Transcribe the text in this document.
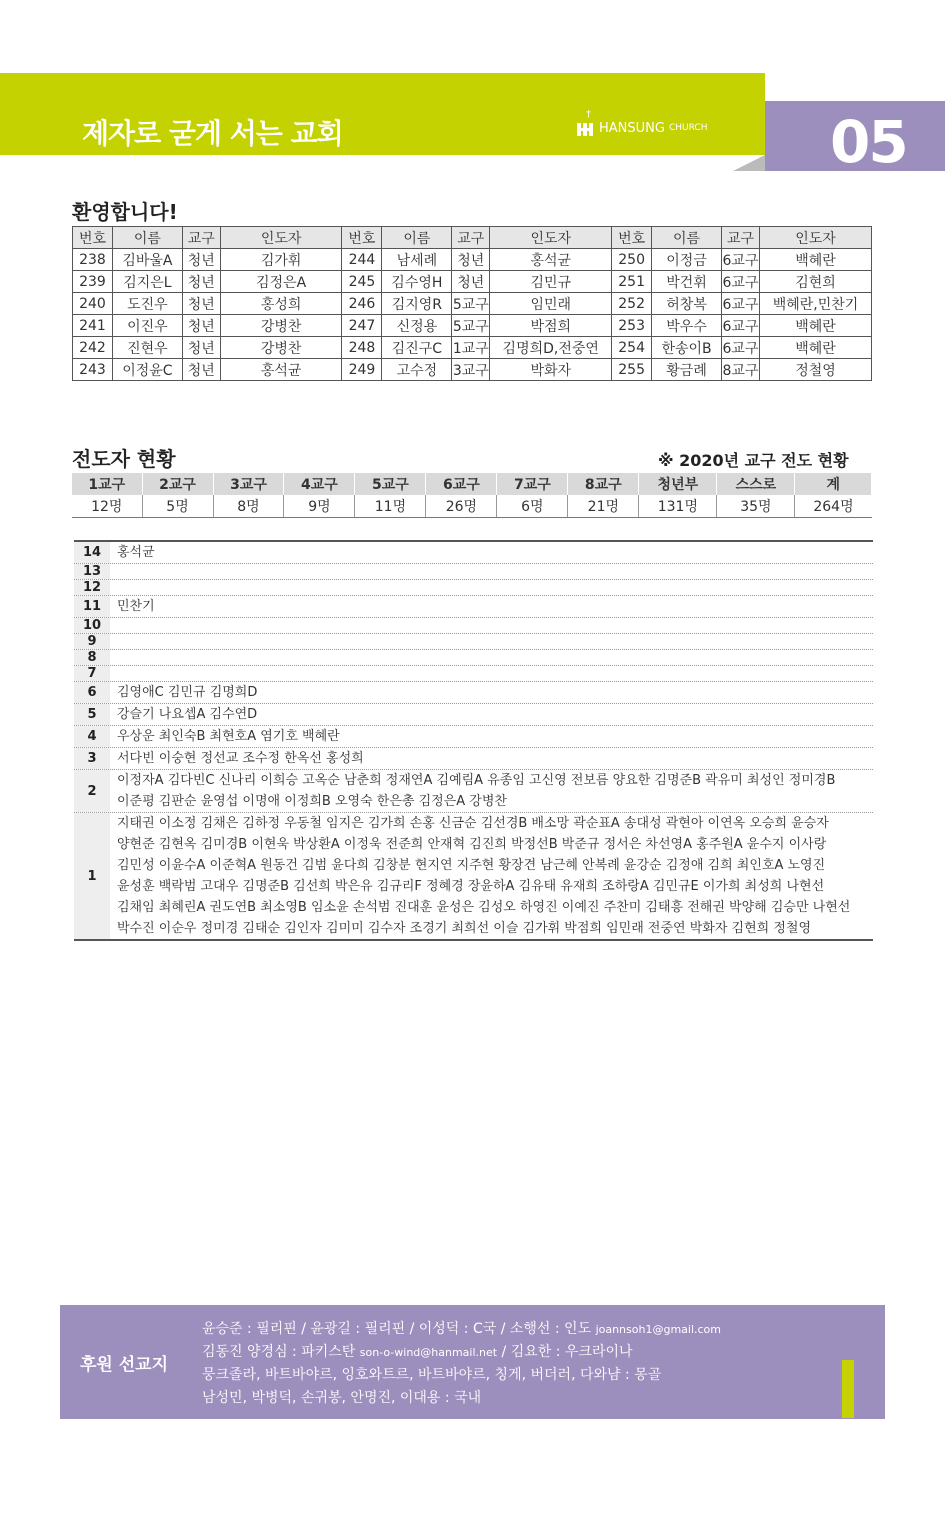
제자로 굳게 서는 교회
†
HANSUNG CHURCH 05
환영합니다!
번호	이름	교구	인도자	번호	이름	교구	인도자	번호	이름	교구	인도자
238	김바울A	청년	김가휘	244	남세례	청년	홍석균	250	이정금	6교구	백혜란
239	김지은L	청년	김정은A	245	김수영H	청년	김민규	251	박건휘	6교구	김현희
240	도진우	청년	홍성희	246	김지영R	5교구	임민래	252	허창복	6교구	백혜란,민찬기
241	이진우	청년	강병찬	247	신정용	5교구	박점희	253	박우수	6교구	백혜란
242	진현우	청년	강병찬	248	김진구C	1교구	김명희D,전중연	254	한송이B	6교구	백혜란
243	이정윤C	청년	홍석균	249	고수정	3교구	박화자	255	황금례	8교구	정철영
전도자 현황	※ 2020년 교구 전도 현황
1교구	2교구	3교구	4교구	5교구	6교구	7교구	8교구	청년부	스스로	계
12명	5명	8명	9명	11명	26명	6명	21명	131명	35명	264명
14	홍석균
13
12
11	민찬기
10
9
8
7
6	김영애C 김민규 김명희D
5	강슬기 나요셉A 김수연D
4	우상운 최인숙B 최현호A 염기호 백혜란
3	서다빈 이숭현 정선교 조수정 한옥선 홍성희
2
이정자A 김다빈C 신나리 이희승 고옥순 남춘희 정재연A 김예림A 유종임 고신영 전보름 양요한 김명준B 곽유미 최성인 정미경B
이준평 김판순 윤영섭 이명애 이정희B 오영숙 한은총 김정은A 강병찬
1
지태권 이소정 김채은 김하정 우동철 임지은 김가희 손홍 신금순 김선경B 배소망 곽순표A 송대성 곽현아 이연옥 오승희 윤승자
양현준 김현옥 김미경B 이현욱 박상환A 이정욱 전준희 안재혁 김진희 박정선B 박준규 정서은 차선영A 홍주원A 윤수지 이사랑
김민성 이윤수A 이준혁A 원동건 김범 윤다희 김창분 현지연 지주현 황장견 남근혜 안복례 윤강순 김정애 김희 최인호A 노영진
윤성훈 백락범 고대우 김명준B 김선희 박은유 김규리F 정혜경 장윤하A 김유태 유재희 조하랑A 김민규E 이가희 최성희 나현선
김채임 최혜린A 권도연B 최소영B 임소윤 손석범 진대훈 윤성은 김성오 하영진 이예진 주찬미 김태흥 전해권 박양해 김승만 나현선
박수진 이순우 정미경 김태순 김인자 김미미 김수자 조경기 최희선 이슬 김가휘 박점희 임민래 전중연 박화자 김현희 정철영
후원 선교지
윤승준 : 필리핀 / 윤광길 : 필리핀 / 이성덕 : C국 / 소행선 : 인도 joannsoh1@gmail.com
김동진 양경심 : 파키스탄 son-o-wind@hanmail.net / 김요한 : 우크라이나
뭉크졸라, 바트바야르, 잉호와트르, 바트바야르, 칭게, 버더러, 다와냠 : 몽골
남성민, 박병덕, 손귀봉, 안명진, 이대용 : 국내
